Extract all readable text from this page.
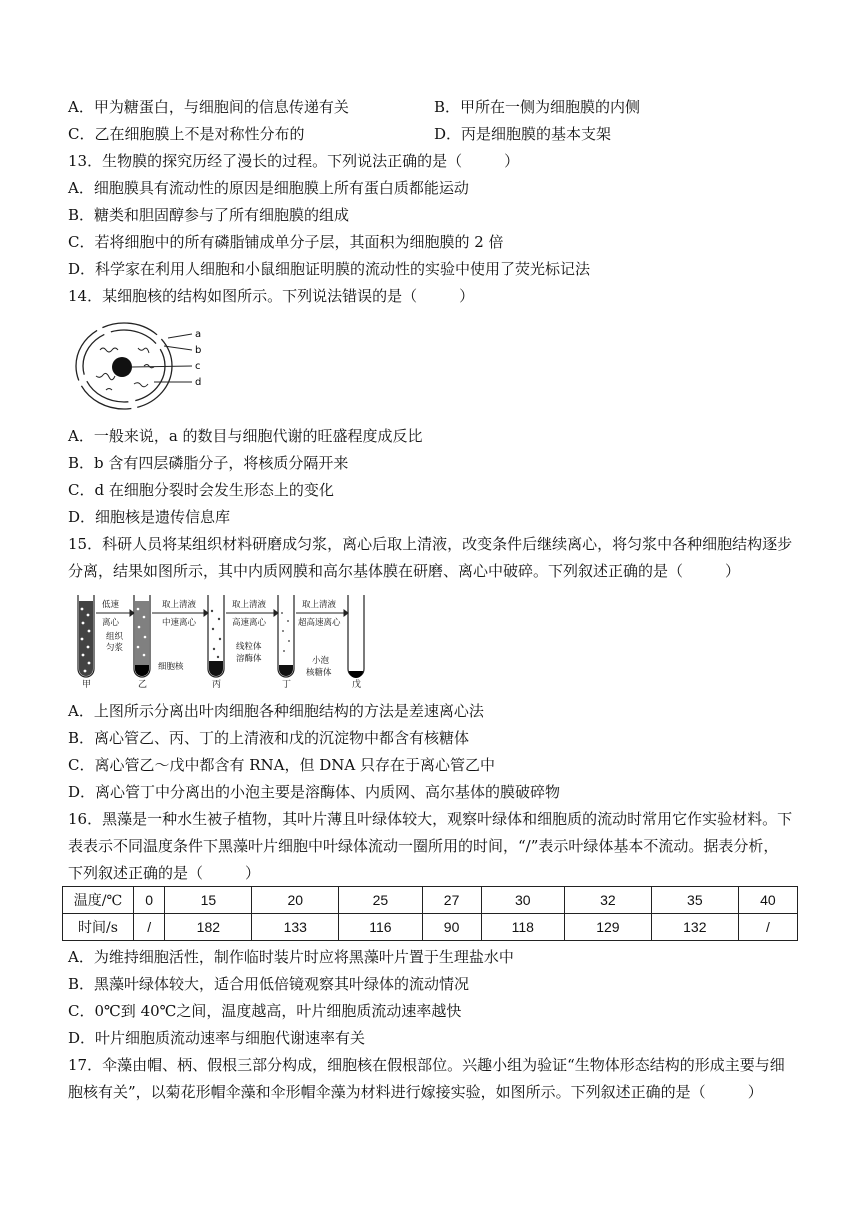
A．甲为糖蛋白，与细胞间的信息传递有关	B．甲所在一侧为细胞膜的内侧
C．乙在细胞膜上不是对称性分布的	D．丙是细胞膜的基本支架
13．生物膜的探究历经了漫长的过程。下列说法正确的是（	）
A．细胞膜具有流动性的原因是细胞膜上所有蛋白质都能运动
B．糖类和胆固醇参与了所有细胞膜的组成
C．若将细胞中的所有磷脂铺成单分子层，其面积为细胞膜的 2 倍
D．科学家在利用人细胞和小鼠细胞证明膜的流动性的实验中使用了荧光标记法
14．某细胞核的结构如图所示。下列说法错误的是（	）
a
b
c
d
A．一般来说，a 的数目与细胞代谢的旺盛程度成反比
B．b 含有四层磷脂分子，将核质分隔开来
C．d 在细胞分裂时会发生形态上的变化
D．细胞核是遗传信息库
15．科研人员将某组织材料研磨成匀浆，离心后取上清液，改变条件后继续离心，将匀浆中各种细胞结构逐步
分离，结果如图所示，其中内质网膜和高尔基体膜在研磨、离心中破碎。下列叙述正确的是（	）
低速
离心
组织
匀浆
取上清液
中速离心
细胞核
取上清液
高速离心
线粒体
溶酶体
取上清液
超高速离心
小泡
核糖体
甲	乙	丙	丁	戊
A．上图所示分离出叶肉细胞各种细胞结构的方法是差速离心法
B．离心管乙、丙、丁的上清液和戊的沉淀物中都含有核糖体
C．离心管乙～戊中都含有 RNA，但 DNA 只存在于离心管乙中
D．离心管丁中分离出的小泡主要是溶酶体、内质网、高尔基体的膜破碎物
16．黑藻是一种水生被子植物，其叶片薄且叶绿体较大，观察叶绿体和细胞质的流动时常用它作实验材料。下
表表示不同温度条件下黑藻叶片细胞中叶绿体流动一圈所用的时间，“/”表示叶绿体基本不流动。据表分析，
下列叙述正确的是（	）
温度/℃	0	15	20	25	27	30	32	35	40
时间/s	/	182	133	116	90	118	129	132	/
A．为维持细胞活性，制作临时装片时应将黑藻叶片置于生理盐水中
B．黑藻叶绿体较大，适合用低倍镜观察其叶绿体的流动情况
C．0℃到 40℃之间，温度越高，叶片细胞质流动速率越快
D．叶片细胞质流动速率与细胞代谢速率有关
17．伞藻由帽、柄、假根三部分构成，细胞核在假根部位。兴趣小组为验证“生物体形态结构的形成主要与细
胞核有关”，以菊花形帽伞藻和伞形帽伞藻为材料进行嫁接实验，如图所示。下列叙述正确的是（	）
